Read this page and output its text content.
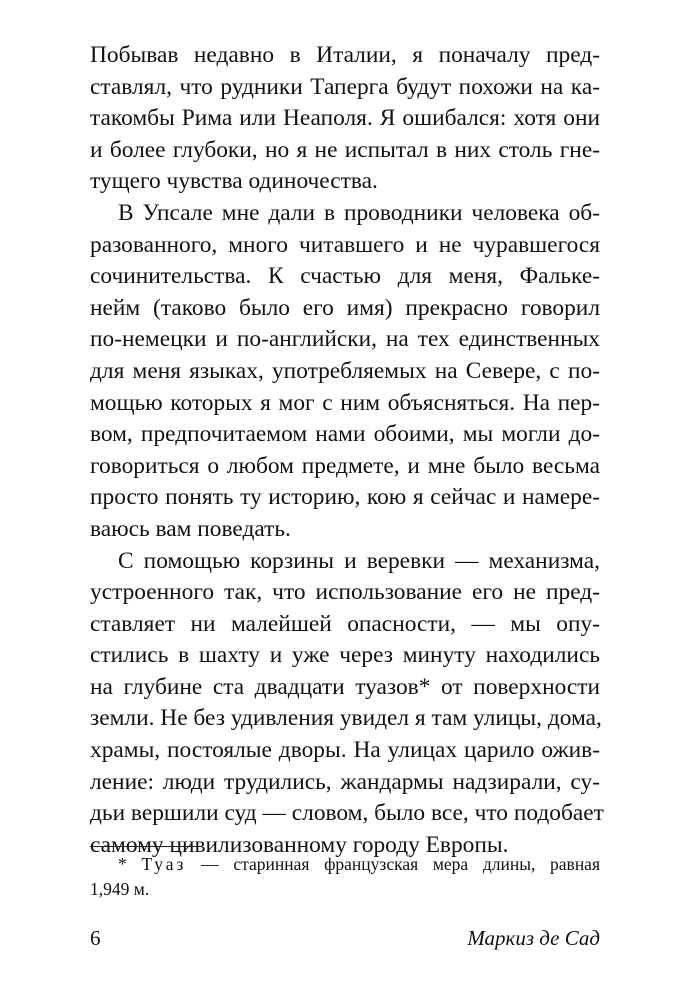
Побывав недавно в Италии, я поначалу пред-
ставлял, что рудники Таперга будут похожи на ка-
такомбы Рима или Неаполя. Я ошибался: хотя они
и более глубоки, но я не испытал в них столь гне-
тущего чувства одиночества.
В Упсале мне дали в проводники человека об-
разованного, много читавшего и не чуравшегося
сочинительства. К счастью для меня, Фальке-
нейм (таково было его имя) прекрасно говорил
по-немецки и по-английски, на тех единственных
для меня языках, употребляемых на Севере, с по-
мощью которых я мог с ним объясняться. На пер-
вом, предпочитаемом нами обоими, мы могли до-
говориться о любом предмете, и мне было весьма
просто понять ту историю, кою я сейчас и намере-
ваюсь вам поведать.
С помощью корзины и веревки — механизма,
устроенного так, что использование его не пред-
ставляет ни малейшей опасности, — мы опу-
стились в шахту и уже через минуту находились
на глубине ста двадцати туазов* от поверхности
земли. Не без удивления увидел я там улицы, дома,
храмы, постоялые дворы. На улицах царило ожив-
ление: люди трудились, жандармы надзирали, су-
дьи вершили суд — словом, было все, что подобает
самому цивилизованному городу Европы.
* Туаз — старинная французская мера длины, равная
1,949 м.
6	Маркиз де Сад
